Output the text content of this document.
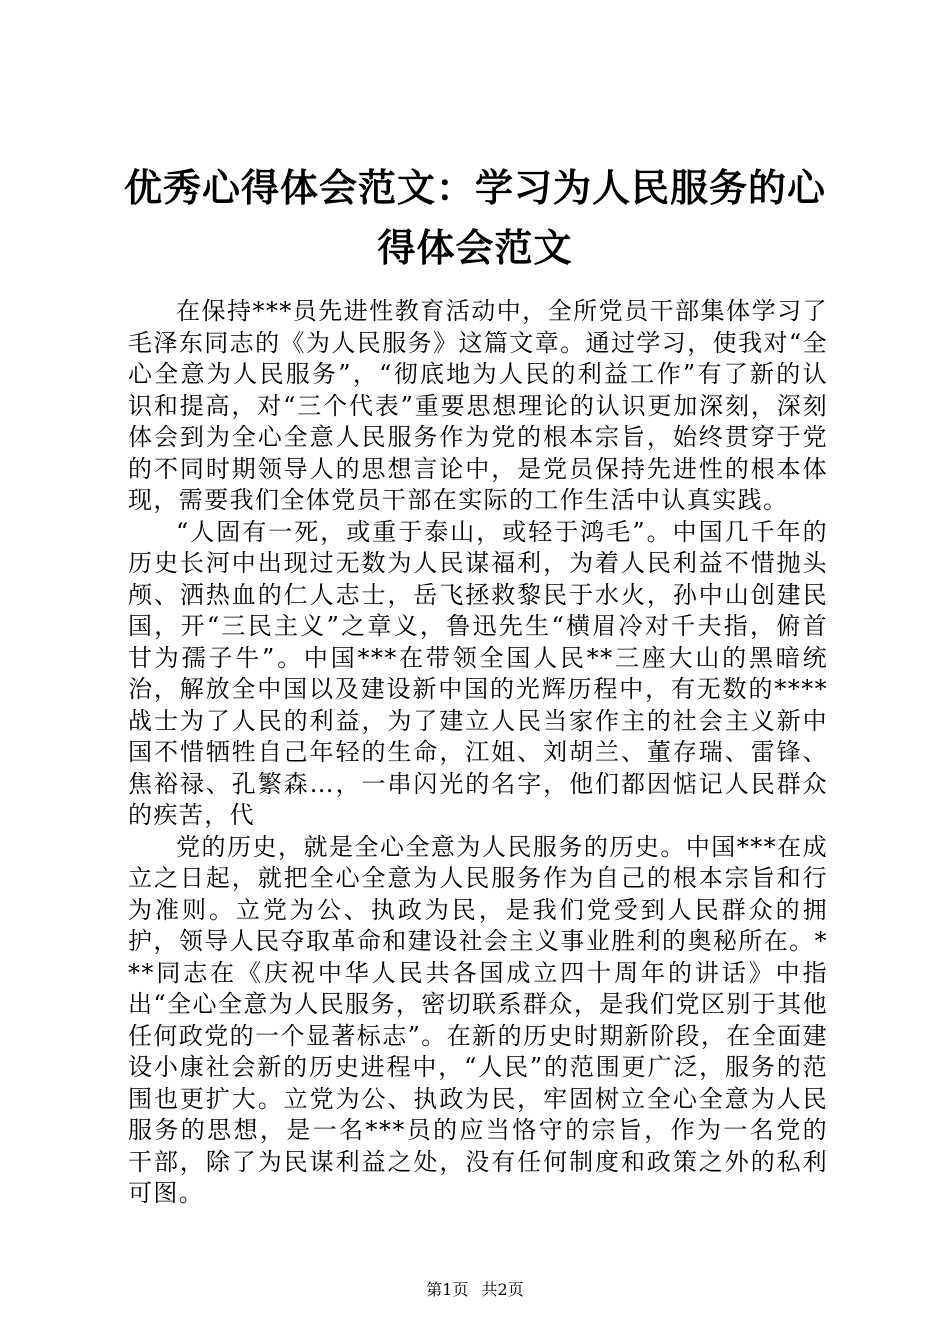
优秀心得体会范文：学习为人民服务的心得体会范文

在保持***员先进性教育活动中，全所党员干部集体学习了毛泽东同志的《为人民服务》这篇文章。通过学习，使我对“全心全意为人民服务”，“彻底地为人民的利益工作”有了新的认识和提高，对“三个代表”重要思想理论的认识更加深刻，深刻体会到为全心全意人民服务作为党的根本宗旨，始终贯穿于党的不同时期领导人的思想言论中，是党员保持先进性的根本体现，需要我们全体党员干部在实际的工作生活中认真实践。

“人固有一死，或重于泰山，或轻于鸿毛”。中国几千年的历史长河中出现过无数为人民谋福利，为着人民利益不惜抛头颅、洒热血的仁人志士，岳飞拯救黎民于水火，孙中山创建民国，开“三民主义”之章义，鲁迅先生“横眉冷对千夫指，俯首甘为孺子牛”。中国***在带领全国人民**三座大山的黑暗统治，解放全中国以及建设新中国的光辉历程中，有无数的****战士为了人民的利益，为了建立人民当家作主的社会主义新中国不惜牺牲自己年轻的生命，江姐、刘胡兰、董存瑞、雷锋、焦裕禄、孔繁森…，一串闪光的名字，他们都因惦记人民群众的疾苦，代

党的历史，就是全心全意为人民服务的历史。中国***在成立之日起，就把全心全意为人民服务作为自己的根本宗旨和行为准则。立党为公、执政为民，是我们党受到人民群众的拥护，领导人民夺取革命和建设社会主义事业胜利的奥秘所在。***同志在《庆祝中华人民共各国成立四十周年的讲话》中指出“全心全意为人民服务，密切联系群众，是我们党区别于其他任何政党的一个显著标志”。在新的历史时期新阶段，在全面建设小康社会新的历史进程中，“人民”的范围更广泛，服务的范围也更扩大。立党为公、执政为民，牢固树立全心全意为人民服务的思想，是一名***员的应当恪守的宗旨，作为一名党的干部，除了为民谋利益之处，没有任何制度和政策之外的私利可图。

第1页 共2页
